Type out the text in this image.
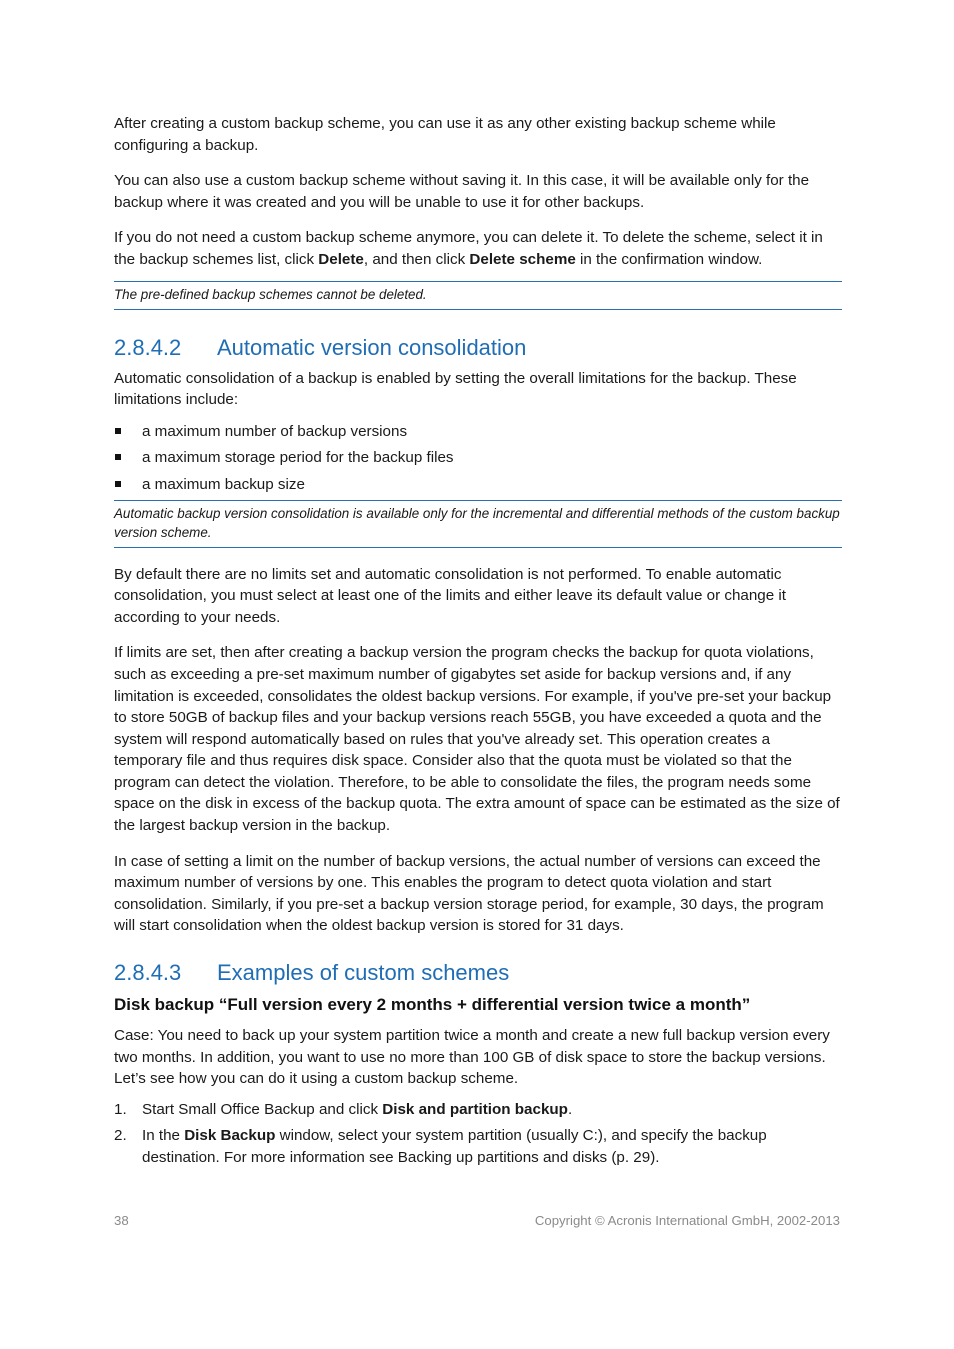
After creating a custom backup scheme, you can use it as any other existing backup scheme while configuring a backup.

You can also use a custom backup scheme without saving it. In this case, it will be available only for the backup where it was created and you will be unable to use it for other backups.

If you do not need a custom backup scheme anymore, you can delete it. To delete the scheme, select it in the backup schemes list, click Delete, and then click Delete scheme in the confirmation window.

The pre-defined backup schemes cannot be deleted.
2.8.4.2 Automatic version consolidation

Automatic consolidation of a backup is enabled by setting the overall limitations for the backup. These limitations include:

a maximum number of backup versions
a maximum storage period for the backup files
a maximum backup size
Automatic backup version consolidation is available only for the incremental and differential methods of the custom backup version scheme.

By default there are no limits set and automatic consolidation is not performed. To enable automatic consolidation, you must select at least one of the limits and either leave its default value or change it according to your needs.

If limits are set, then after creating a backup version the program checks the backup for quota violations, such as exceeding a pre-set maximum number of gigabytes set aside for backup versions and, if any limitation is exceeded, consolidates the oldest backup versions. For example, if you've pre-set your backup to store 50GB of backup files and your backup versions reach 55GB, you have exceeded a quota and the system will respond automatically based on rules that you've already set. This operation creates a temporary file and thus requires disk space. Consider also that the quota must be violated so that the program can detect the violation. Therefore, to be able to consolidate the files, the program needs some space on the disk in excess of the backup quota. The extra amount of space can be estimated as the size of the largest backup version in the backup.

In case of setting a limit on the number of backup versions, the actual number of versions can exceed the maximum number of versions by one. This enables the program to detect quota violation and start consolidation. Similarly, if you pre-set a backup version storage period, for example, 30 days, the program will start consolidation when the oldest backup version is stored for 31 days.

2.8.4.3 Examples of custom schemes
Disk backup “Full version every 2 months + differential version twice a month”

Case: You need to back up your system partition twice a month and create a new full backup version every two months. In addition, you want to use no more than 100 GB of disk space to store the backup versions. Let’s see how you can do it using a custom backup scheme.

1. Start Small Office Backup and click Disk and partition backup.
2. In the Disk Backup window, select your system partition (usually C:), and specify the backup destination. For more information see Backing up partitions and disks (p. 29).
38	Copyright © Acronis International GmbH, 2002-2013
